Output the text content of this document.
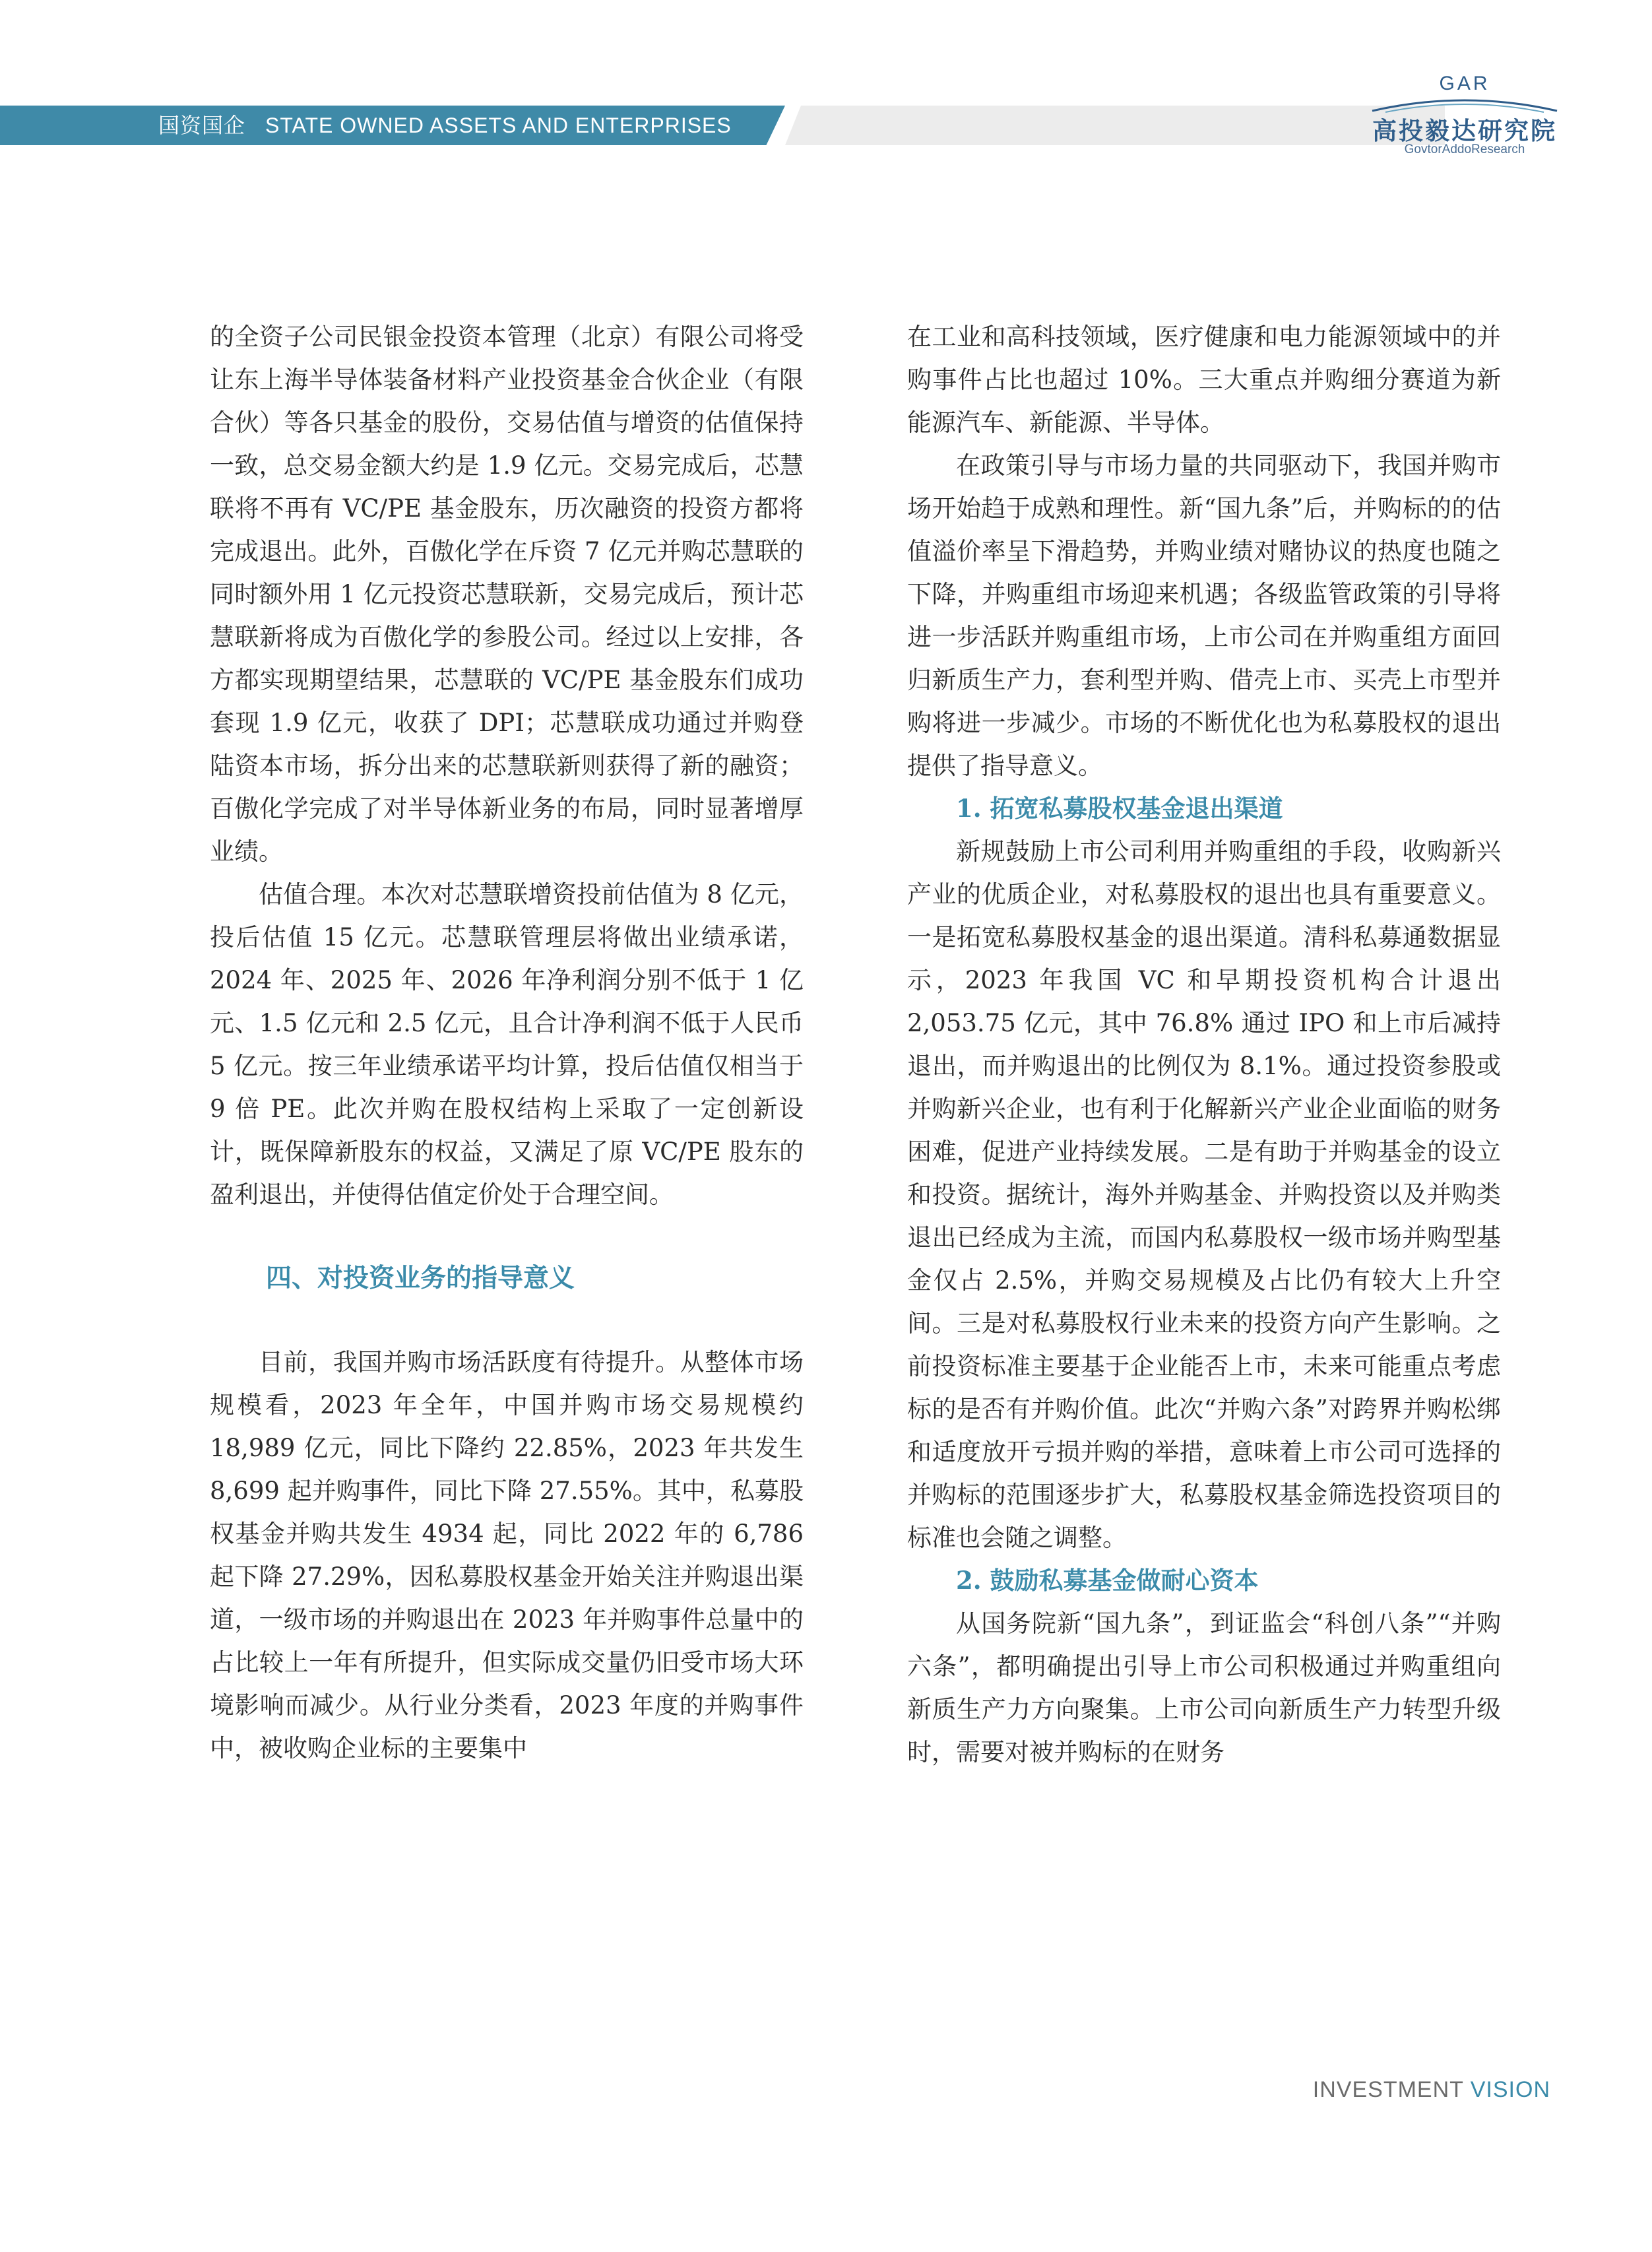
国资国企 STATE OWNED ASSETS AND ENTERPRISES
GAR
高投毅达研究院
GovtorAddoResearch

的全资子公司民银金投资本管理（北京）有限公司将受让东上海半导体装备材料产业投资基金合伙企业（有限合伙）等各只基金的股份，交易估值与增资的估值保持一致，总交易金额大约是 1.9 亿元。交易完成后，芯慧联将不再有 VC/PE 基金股东，历次融资的投资方都将完成退出。此外，百傲化学在斥资 7 亿元并购芯慧联的同时额外用 1 亿元投资芯慧联新，交易完成后，预计芯慧联新将成为百傲化学的参股公司。经过以上安排，各方都实现期望结果，芯慧联的 VC/PE 基金股东们成功套现 1.9 亿元，收获了 DPI；芯慧联成功通过并购登陆资本市场，拆分出来的芯慧联新则获得了新的融资；百傲化学完成了对半导体新业务的布局，同时显著增厚业绩。

估值合理。本次对芯慧联增资投前估值为 8 亿元，投后估值 15 亿元。芯慧联管理层将做出业绩承诺，2024 年、2025 年、2026 年净利润分别不低于 1 亿元、1.5 亿元和 2.5 亿元，且合计净利润不低于人民币 5 亿元。按三年业绩承诺平均计算，投后估值仅相当于 9 倍 PE。此次并购在股权结构上采取了一定创新设计，既保障新股东的权益，又满足了原 VC/PE 股东的盈利退出，并使得估值定价处于合理空间。

四、对投资业务的指导意义

目前，我国并购市场活跃度有待提升。从整体市场规模看，2023 年全年，中国并购市场交易规模约 18,989 亿元，同比下降约 22.85%，2023 年共发生 8,699 起并购事件，同比下降 27.55%。其中，私募股权基金并购共发生 4934 起，同比 2022 年的 6,786 起下降 27.29%，因私募股权基金开始关注并购退出渠道，一级市场的并购退出在 2023 年并购事件总量中的占比较上一年有所提升，但实际成交量仍旧受市场大环境影响而减少。从行业分类看，2023 年度的并购事件中，被收购企业标的主要集中

在工业和高科技领域，医疗健康和电力能源领域中的并购事件占比也超过 10%。三大重点并购细分赛道为新能源汽车、新能源、半导体。

在政策引导与市场力量的共同驱动下，我国并购市场开始趋于成熟和理性。新“国九条”后，并购标的的估值溢价率呈下滑趋势，并购业绩对赌协议的热度也随之下降，并购重组市场迎来机遇；各级监管政策的引导将进一步活跃并购重组市场，上市公司在并购重组方面回归新质生产力，套利型并购、借壳上市、买壳上市型并购将进一步减少。市场的不断优化也为私募股权的退出提供了指导意义。

1. 拓宽私募股权基金退出渠道

新规鼓励上市公司利用并购重组的手段，收购新兴产业的优质企业，对私募股权的退出也具有重要意义。一是拓宽私募股权基金的退出渠道。清科私募通数据显示，2023 年我国 VC 和早期投资机构合计退出 2,053.75 亿元，其中 76.8% 通过 IPO 和上市后减持退出，而并购退出的比例仅为 8.1%。通过投资参股或并购新兴企业，也有利于化解新兴产业企业面临的财务困难，促进产业持续发展。二是有助于并购基金的设立和投资。据统计，海外并购基金、并购投资以及并购类退出已经成为主流，而国内私募股权一级市场并购型基金仅占 2.5%，并购交易规模及占比仍有较大上升空间。三是对私募股权行业未来的投资方向产生影响。之前投资标准主要基于企业能否上市，未来可能重点考虑标的是否有并购价值。此次“并购六条”对跨界并购松绑和适度放开亏损并购的举措，意味着上市公司可选择的并购标的范围逐步扩大，私募股权基金筛选投资项目的标准也会随之调整。

2. 鼓励私募基金做耐心资本

从国务院新“国九条”，到证监会“科创八条”“并购六条”，都明确提出引导上市公司积极通过并购重组向新质生产力方向聚集。上市公司向新质生产力转型升级时，需要对被并购标的在财务

INVESTMENT VISION
